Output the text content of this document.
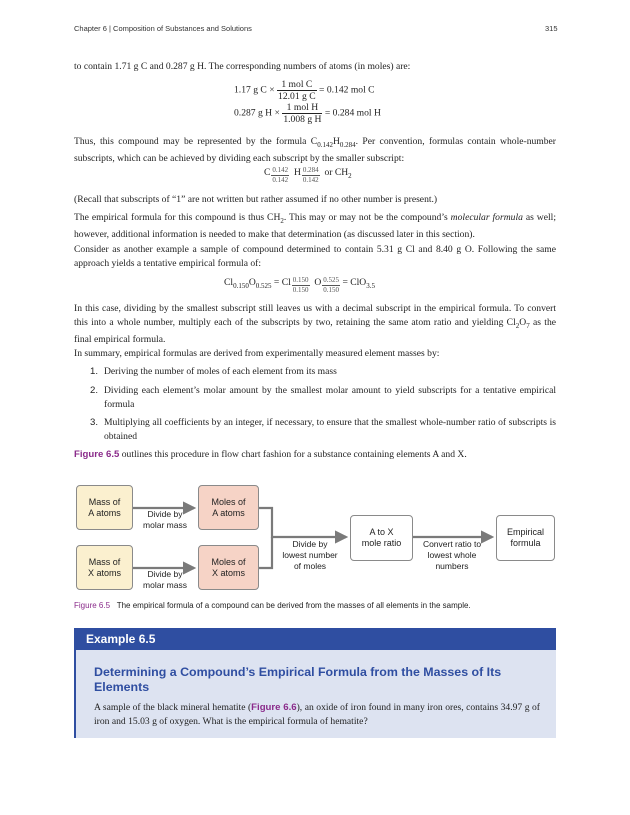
Chapter 6 | Composition of Substances and Solutions	315
to contain 1.71 g C and 0.287 g H. The corresponding numbers of atoms (in moles) are:
1.17 g $C \times \frac{\text{1 mol C}}{\text{12.01 g C}} = 0.142$ mol C
0.287 g $H \times \frac{\text{1 mol H}}{\text{1.008 g H}} = 0.284$ mol H
Thus, this compound may be represented by the formula $C_{0.142}H_{0.284}$. Per convention, formulas contain whole-number subscripts, which can be achieved by dividing each subscript by the smaller subscript:
C $\frac{0.142}{0.142}$ H $\frac{0.284}{0.142}$ or $CH_2$
(Recall that subscripts of “1” are not written but rather assumed if no other number is present.)
The empirical formula for this compound is thus $CH_2$. This may or may not be the compound’s molecular formula as well; however, additional information is needed to make that determination (as discussed later in this section).
Consider as another example a sample of compound determined to contain 5.31 g Cl and 8.40 g O. Following the same approach yields a tentative empirical formula of:
$Cl_{0.150}O_{0.525} = Cl \frac{0.150}{0.150}$ O $\frac{0.525}{0.150} = ClO_{3.5}$
In this case, dividing by the smallest subscript still leaves us with a decimal subscript in the empirical formula. To convert this into a whole number, multiply each of the subscripts by two, retaining the same atom ratio and yielding $Cl_2O_7$ as the final empirical formula.
In summary, empirical formulas are derived from experimentally measured element masses by:
1. Deriving the number of moles of each element from its mass
2. Dividing each element’s molar amount by the smallest molar amount to yield subscripts for a tentative empirical formula
3. Multiplying all coefficients by an integer, if necessary, to ensure that the smallest whole-number ratio of subscripts is obtained
Figure 6.5 outlines this procedure in flow chart fashion for a substance containing elements A and X.
Mass of
A atoms
Mass of
X atoms
Moles of
A atoms
Moles of
X atoms
A to X
mole ratio
Empirical
formula
Divide by
molar mass
Divide by
molar mass
Divide by
lowest number
of moles
Convert ratio to
lowest whole
numbers
Figure 6.5 The empirical formula of a compound can be derived from the masses of all elements in the sample.
Example 6.5
Determining a Compound’s Empirical Formula from the Masses of Its Elements
A sample of the black mineral hematite (Figure 6.6), an oxide of iron found in many iron ores, contains 34.97 g of iron and 15.03 g of oxygen. What is the empirical formula of hematite?
